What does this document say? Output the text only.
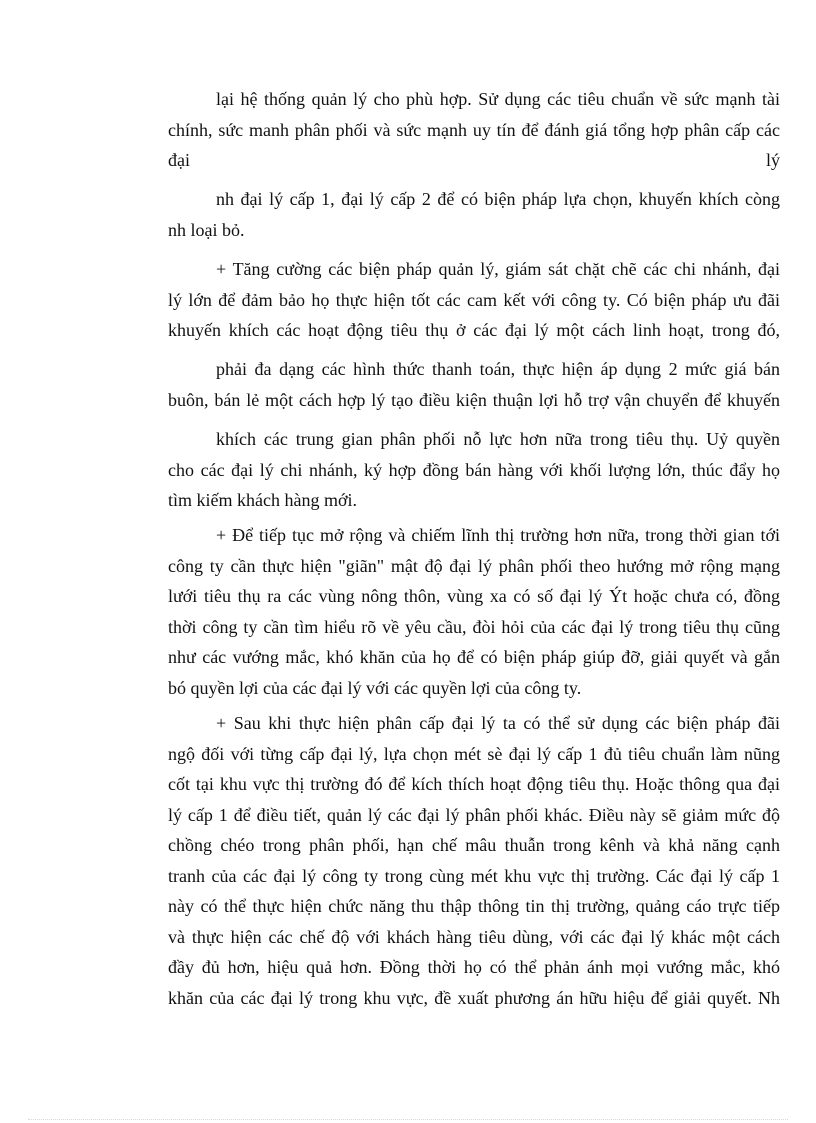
lại hệ thống quản lý cho phù hợp. Sử dụng các tiêu chuẩn về sức mạnh tài
chính, sức manh phân phối và sức mạnh uy tín để đánh giá tổng hợp phân cấp các
đại	lý
nh đại lý cấp 1, đại lý cấp 2 để có biện pháp lựa chọn, khuyến khích còng
nh loại bỏ.
+ Tăng cường các biện pháp quản lý, giám sát chặt chẽ các chi nhánh, đại
lý lớn để đảm bảo họ thực hiện tốt các cam kết với công ty. Có biện pháp ưu đãi
khuyến khích các hoạt động tiêu thụ ở các đại lý một cách linh hoạt, trong đó,
phải đa dạng các hình thức thanh toán, thực hiện áp dụng 2 mức giá bán
buôn, bán lẻ một cách hợp lý tạo điều kiện thuận lợi hỗ trợ vận chuyển để khuyến
khích các trung gian phân phối nỗ lực hơn nữa trong tiêu thụ. Uỷ quyền
cho các đại lý chi nhánh, ký hợp đồng bán hàng với khối lượng lớn, thúc đẩy họ
tìm kiếm khách hàng mới.
+ Để tiếp tục mở rộng và chiếm lĩnh thị trường hơn nữa, trong thời gian tới
công ty cần thực hiện "giãn" mật độ đại lý phân phối theo hướng mở rộng mạng
lưới tiêu thụ ra các vùng nông thôn, vùng xa có số đại lý Ýt hoặc chưa có, đồng
thời công ty cần tìm hiểu rõ về yêu cầu, đòi hỏi của các đại lý trong tiêu thụ cũng
như các vướng mắc, khó khăn của họ để có biện pháp giúp đỡ, giải quyết và gắn
bó quyền lợi của các đại lý với các quyền lợi của công ty.
+ Sau khi thực hiện phân cấp đại lý ta có thể sử dụng các biện pháp đãi
ngộ đối với từng cấp đại lý, lựa chọn mét sè đại lý cấp 1 đủ tiêu chuẩn làm nũng
cốt tại khu vực thị trường đó để kích thích hoạt động tiêu thụ. Hoặc thông qua đại
lý cấp 1 để điều tiết, quản lý các đại lý phân phối khác. Điều này sẽ giảm mức độ
chồng chéo trong phân phối, hạn chế mâu thuẫn trong kênh và khả năng cạnh
tranh của các đại lý công ty trong cùng mét khu vực thị trường. Các đại lý cấp 1
này có thể thực hiện chức năng thu thập thông tin thị trường, quảng cáo trực tiếp
và thực hiện các chế độ với khách hàng tiêu dùng, với các đại lý khác một cách
đầy đủ hơn, hiệu quả hơn. Đồng thời họ có thể phản ánh mọi vướng mắc, khó
khăn của các đại lý trong khu vực, đề xuất phương án hữu hiệu để giải quyết. Nh
